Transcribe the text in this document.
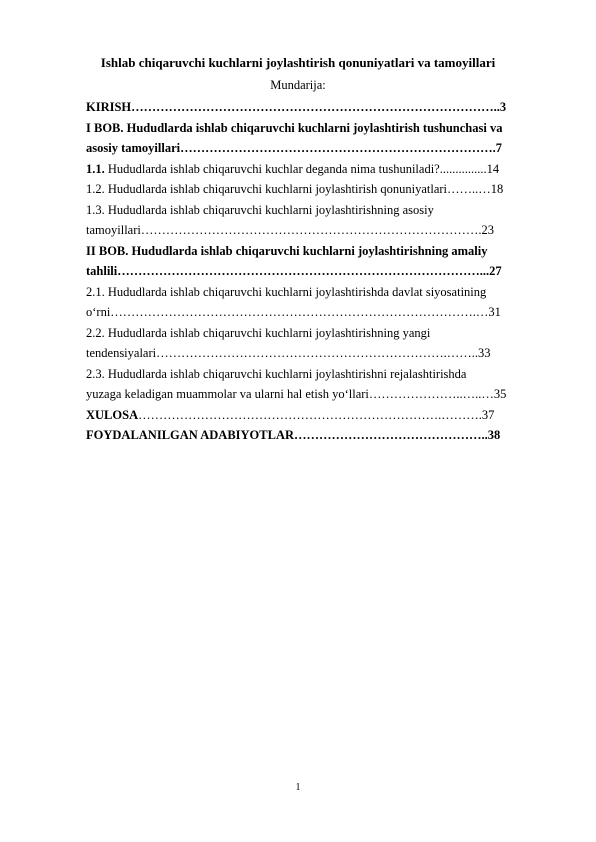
Ishlab chiqaruvchi kuchlarni joylashtirish qonuniyatlari va tamoyillari
Mundarija:
KIRISH……………………………………………………………………………..3
I BOB. Hududlarda ishlab chiqaruvchi kuchlarni joylashtirish tushunchasi va
asosiy tamoyillari………………………………………………………………….7
1.1. Hududlarda ishlab chiqaruvchi kuchlar deganda nima tushuniladi?...............14
1.2. Hududlarda ishlab chiqaruvchi kuchlarni joylashtirish qonuniyatlari……..…18
1.3. Hududlarda ishlab chiqaruvchi kuchlarni joylashtirishning asosiy
tamoyillari……………………………………………………………………….23
II BOB. Hududlarda ishlab chiqaruvchi kuchlarni joylashtirishning amaliy
tahlili……………………………………………………………………………...27
2.1. Hududlarda ishlab chiqaruvchi kuchlarni joylashtirishda davlat siyosatining
o‘rni…………………………………………………………………………….…31
2.2. Hududlarda ishlab chiqaruvchi kuchlarni joylashtirishning yangi
tendensiyalari…………………………………………………………….……..33
2.3. Hududlarda ishlab chiqaruvchi kuchlarni joylashtirishni rejalashtirishda
yuzaga keladigan muammolar va ularni hal etish yo‘llari…………………..…..…35
XULOSA……………………………………………………………….……….37
FOYDALANILGAN ADABIYOTLAR………………………………………..38
1
